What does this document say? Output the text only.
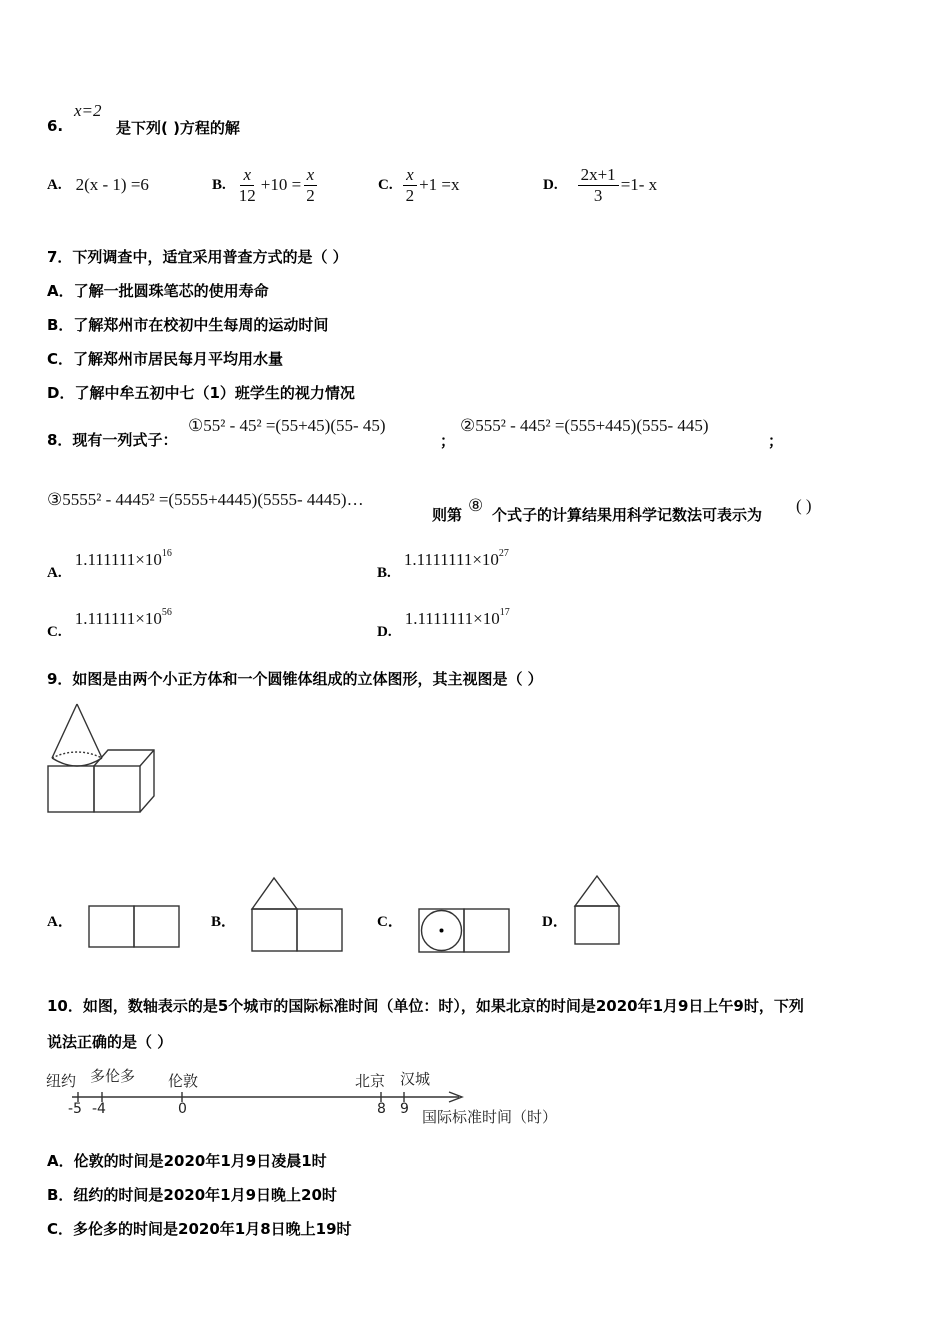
6.
x=2
是下列( )方程的解
A. 2(x - 1) =6	B. $\frac{x}{12} +10 = \frac{x}{2}$	C. $\frac{x}{2} +1 =x$	D. $\frac{2x+1}{3} =1-$ x
7．下列调查中，适宜采用普查方式的是（ ）
A．了解一批圆珠笔芯的使用寿命
B．了解郑州市在校初中生每周的运动时间
C．了解郑州市居民每月平均用水量
D．了解中牟五初中七（1）班学生的视力情况
8．现有一列式子：
①55² - 45² =(55+45)(55- 45)
；
②555² - 445² =(555+445)(555- 445)
；
③5555² - 4445² =(5555+4445)(5555- 4445)…
则第 ⑧ 个式子的计算结果用科学记数法可表示为 ( )
A. $1.111111\times 10^{16}$
B. $1.1111111\times 10^{27}$
C. $1.111111\times 10^{56}$
D. $1.1111111\times 10^{17}$
9．如图是由两个小正方体和一个圆锥体组成的立体图形，其主视图是（ ）
A．	B．	C．	D．
10．如图，数轴表示的是5个城市的国际标准时间（单位：时），如果北京的时间是2020年1月9日上午9时，下列
说法正确的是（ ）
纽约 多伦多 伦敦	北京 汉城
-5 -4	0	8 9 国际标准时间（时）
A．伦敦的时间是2020年1月9日凌晨1时
B．纽约的时间是2020年1月9日晚上20时
C．多伦多的时间是2020年1月8日晚上19时
